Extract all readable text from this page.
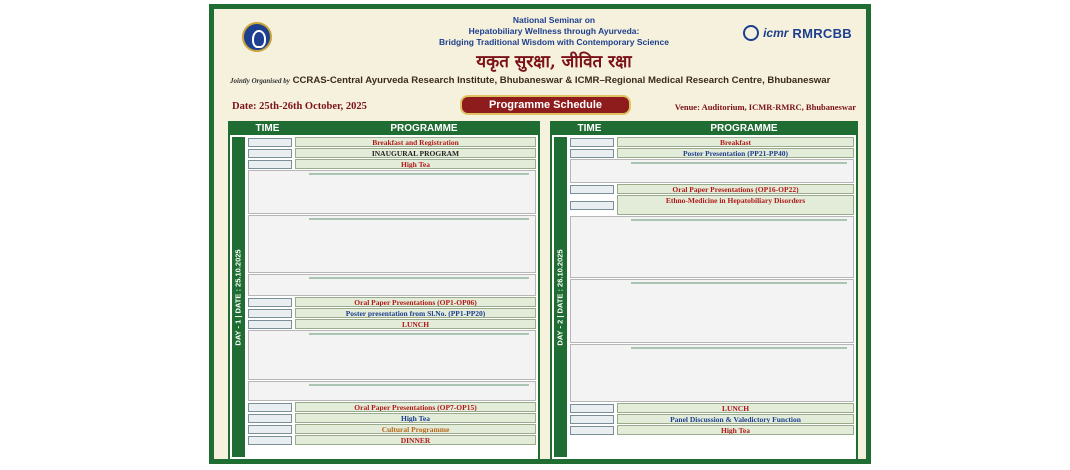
icmr RMRCBB
National Seminar on
Hepatobiliary Wellness through Ayurveda:
Bridging Traditional Wisdom with Contemporary Science
यकृत सुरक्षा, जीवित रक्षा
Jointly Organised by CCRAS-Central Ayurveda Research Institute, Bhubaneswar & ICMR–Regional Medical Research Centre, Bhubaneswar
Date: 25th-26th October, 2025	Programme Schedule	Venue: Auditorium, ICMR-RMRC, Bhubaneswar
TIME	PROGRAMME
DAY - 1 | DATE : 25.10.2025
Breakfast and Registration
INAUGURAL PROGRAM
High Tea
Oral Paper Presentations (OP1-OP06)
Poster presentation from Sl.No. (PP1-PP20)
LUNCH
Oral Paper Presentations (OP7-OP15)
High Tea
Cultural Programme
DINNER
TIME	PROGRAMME
DAY - 2 | DATE : 26.10.2025
Breakfast
Poster Presentation (PP21-PP40)
Oral Paper Presentations (OP16-OP22)
Ethno-Medicine in Hepatobiliary Disorders
LUNCH
Panel Discussion & Valedictory Function
High Tea
